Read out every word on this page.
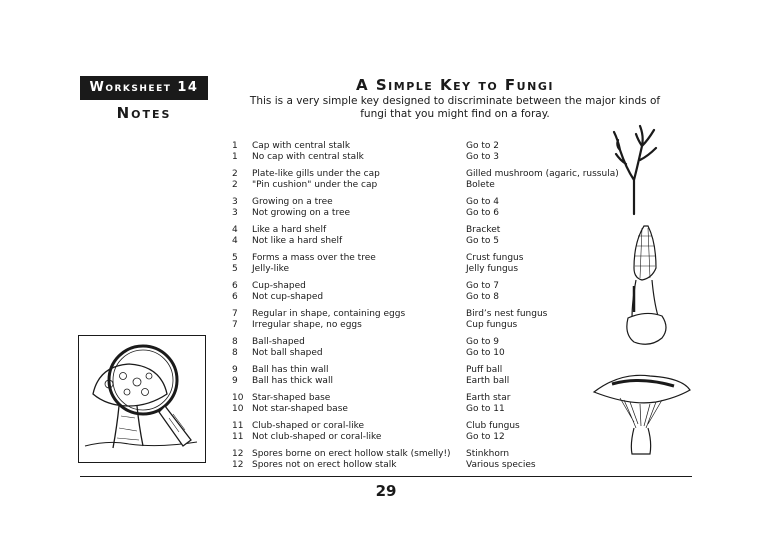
Worksheet 14
Notes
A Simple Key to Fungi
This is a very simple key designed to discriminate between the major kinds of
fungi that you might find on a foray.
1	Cap with central stalk	Go to 2
1	No cap with central stalk	Go to 3
2	Plate-like gills under the cap	Gilled mushroom (agaric, russula)
2	"Pin cushion" under the cap	Bolete
3	Growing on a tree	Go to 4
3	Not growing on a tree	Go to 6
4	Like a hard shelf	Bracket
4	Not like a hard shelf	Go to 5
5	Forms a mass over the tree	Crust fungus
5	Jelly-like	Jelly fungus
6	Cup-shaped	Go to 7
6	Not cup-shaped	Go to 8
7	Regular in shape, containing eggs	Bird’s nest fungus
7	Irregular shape, no eggs	Cup fungus
8	Ball-shaped	Go to 9
8	Not ball shaped	Go to 10
9	Ball has thin wall	Puff ball
9	Ball has thick wall	Earth ball
10 Star-shaped base	Earth star
10 Not star-shaped base	Go to 11
11 Club-shaped or coral-like	Club fungus
11 Not club-shaped or coral-like	Go to 12
12 Spores borne on erect hollow stalk (smelly!)	Stinkhorn
12 Spores not on erect hollow stalk	Various species
29
